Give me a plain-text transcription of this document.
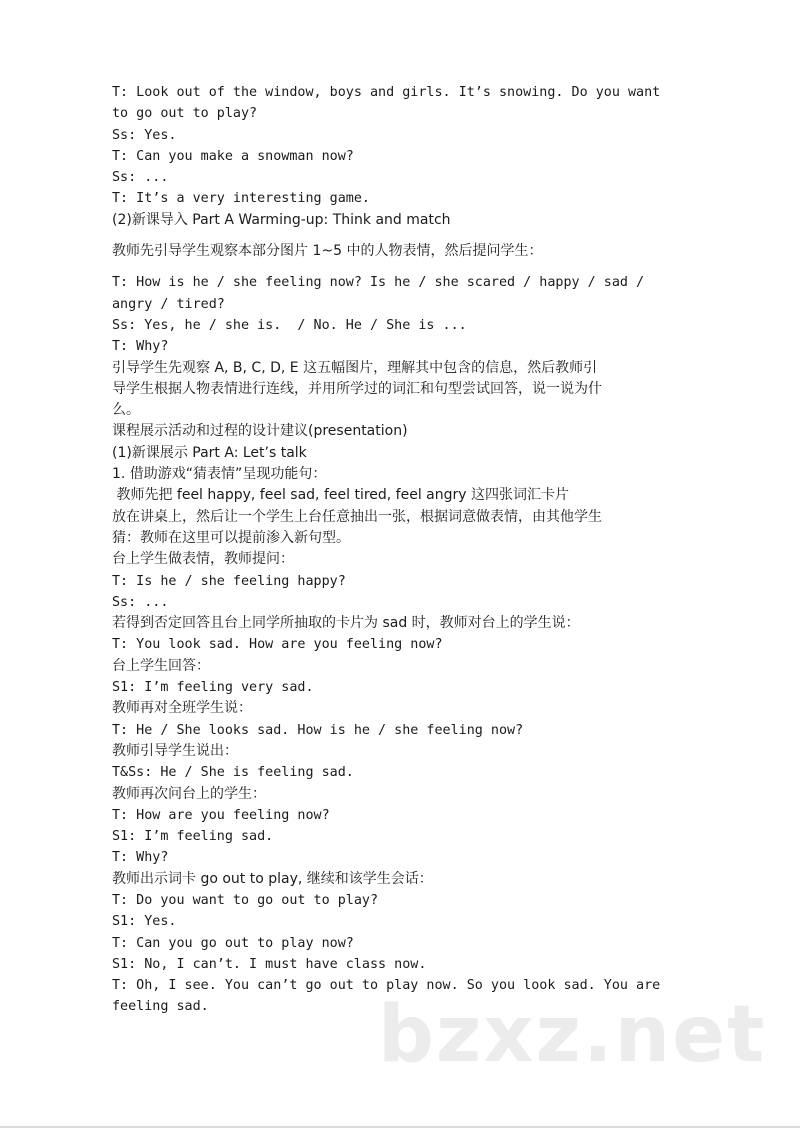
T: Look out of the window, boys and girls. It’s snowing. Do you want
to go out to play?
Ss: Yes.
T: Can you make a snowman now?
Ss: ...
T: It’s a very interesting game.
(2)新课导入 Part A Warming-up: Think and match
教师先引导学生观察本部分图片 1~5 中的人物表情，然后提问学生：
T: How is he / she feeling now? Is he / she scared / happy / sad /
angry / tired?
Ss: Yes, he / she is.  / No. He / She is ...
T: Why?
引导学生先观察 A, B, C, D, E 这五幅图片，理解其中包含的信息，然后教师引
导学生根据人物表情进行连线，并用所学过的词汇和句型尝试回答，说一说为什
么。
课程展示活动和过程的设计建议(presentation)
(1)新课展示 Part A: Let’s talk
1. 借助游戏“猜表情”呈现功能句：
教师先把 feel happy, feel sad, feel tired, feel angry 这四张词汇卡片
放在讲桌上，然后让一个学生上台任意抽出一张，根据词意做表情，由其他学生
猜：教师在这里可以提前渗入新句型。
台上学生做表情，教师提问：
T: Is he / she feeling happy?
Ss: ...
若得到否定回答且台上同学所抽取的卡片为 sad 时，教师对台上的学生说：
T: You look sad. How are you feeling now?
台上学生回答：
S1: I’m feeling very sad.
教师再对全班学生说：
T: He / She looks sad. How is he / she feeling now?
教师引导学生说出：
T&Ss: He / She is feeling sad.
教师再次问台上的学生：
T: How are you feeling now?
S1: I’m feeling sad.
T: Why?
教师出示词卡 go out to play, 继续和该学生会话：
T: Do you want to go out to play?
S1: Yes.
T: Can you go out to play now?
S1: No, I can’t. I must have class now.
T: Oh, I see. You can’t go out to play now. So you look sad. You are
feeling sad.	bzxz.net
